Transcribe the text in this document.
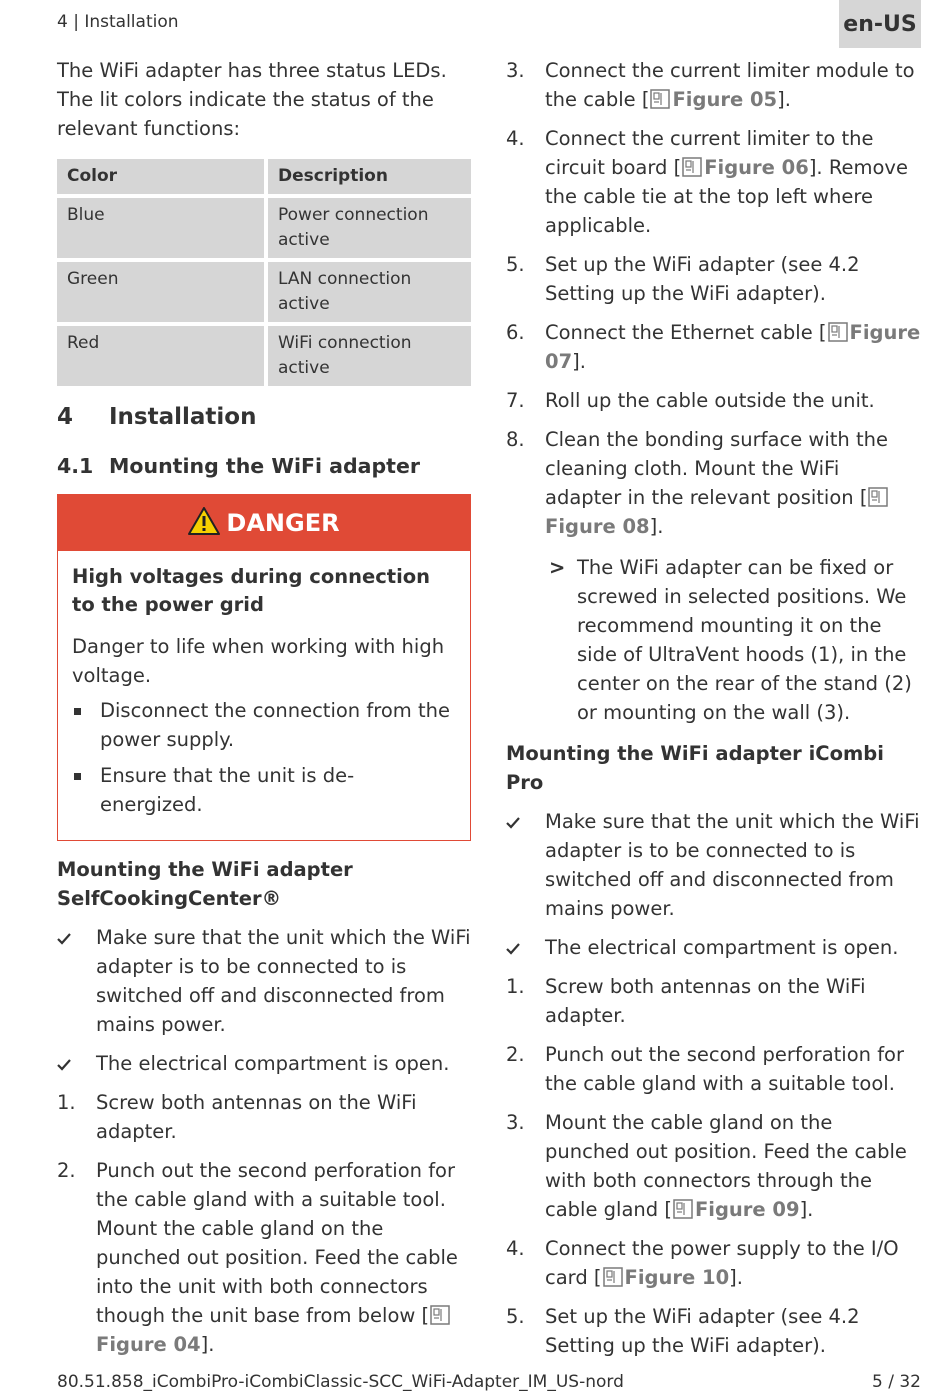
4 | Installation	en-US

The WiFi adapter has three status LEDs. The lit colors indicate the status of the relevant functions:

Color	Description
Blue	Power connection active
Green	LAN connection active
Red	WiFi connection active
4	Installation
4.1 Mounting the WiFi adapter
DANGER

High voltages during connection to the power grid

Danger to life when working with high voltage.

Disconnect the connection from the power supply.
Ensure that the unit is de-energized.

Mounting the WiFi adapter SelfCookingCenter®

Make sure that the unit which the WiFi adapter is to be connected to is switched off and disconnected from mains power.
The electrical compartment is open.
1. Screw both antennas on the WiFi adapter.
2. Punch out the second perforation for the cable gland with a suitable tool. Mount the cable gland on the punched out position. Feed the cable into the unit with both connectors though the unit base from below [Figure 04].
3. Connect the current limiter module to the cable [ Figure 05].
4. Connect the current limiter to the circuit board [ Figure 06]. Remove the cable tie at the top left where applicable.
5. Set up the WiFi adapter (see 4.2 Setting up the WiFi adapter).
6. Connect the Ethernet cable [ Figure 07].
7. Roll up the cable outside the unit.
8. Clean the bonding surface with the cleaning cloth. Mount the WiFi adapter in the relevant position [Figure 08].
> The WiFi adapter can be fixed or screwed in selected positions. We recommend mounting it on the side of UltraVent hoods (1), in the center on the rear of the stand (2) or mounting on the wall (3).

Mounting the WiFi adapter iCombi Pro

Make sure that the unit which the WiFi adapter is to be connected to is switched off and disconnected from mains power.
The electrical compartment is open.
1. Screw both antennas on the WiFi adapter.
2. Punch out the second perforation for the cable gland with a suitable tool.
3. Mount the cable gland on the punched out position. Feed the cable with both connectors through the cable gland [ Figure 09].
4. Connect the power supply to the I/O card [ Figure 10].
5. Set up the WiFi adapter (see 4.2 Setting up the WiFi adapter).
80.51.858_iCombiPro-iCombiClassic-SCC_WiFi-Adapter_IM_US-nord	5 / 32
